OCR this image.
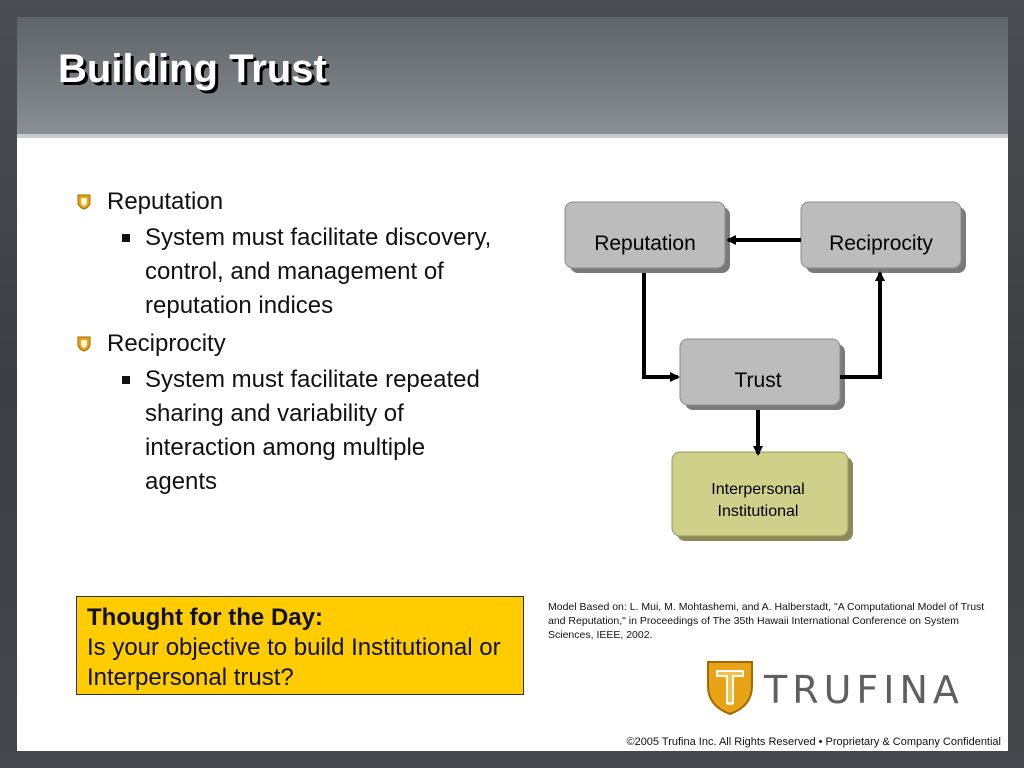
Building Trust
Reputation
System must facilitate discovery, control, and management of reputation indices
Reciprocity
System must facilitate repeated sharing and variability of interaction among multiple agents
Reputation	Reciprocity
Trust
Interpersonal
Institutional
Thought for the Day:
Is your objective to build Institutional or Interpersonal trust?
Model Based on: L. Mui, M. Mohtashemi, and A. Halberstadt, "A Computational Model of Trust and Reputation," in Proceedings of The 35th Hawaii International Conference on System Sciences, IEEE, 2002.
TRUFINA
©2005 Trufina Inc. All Rights Reserved • Proprietary & Company Confidential
